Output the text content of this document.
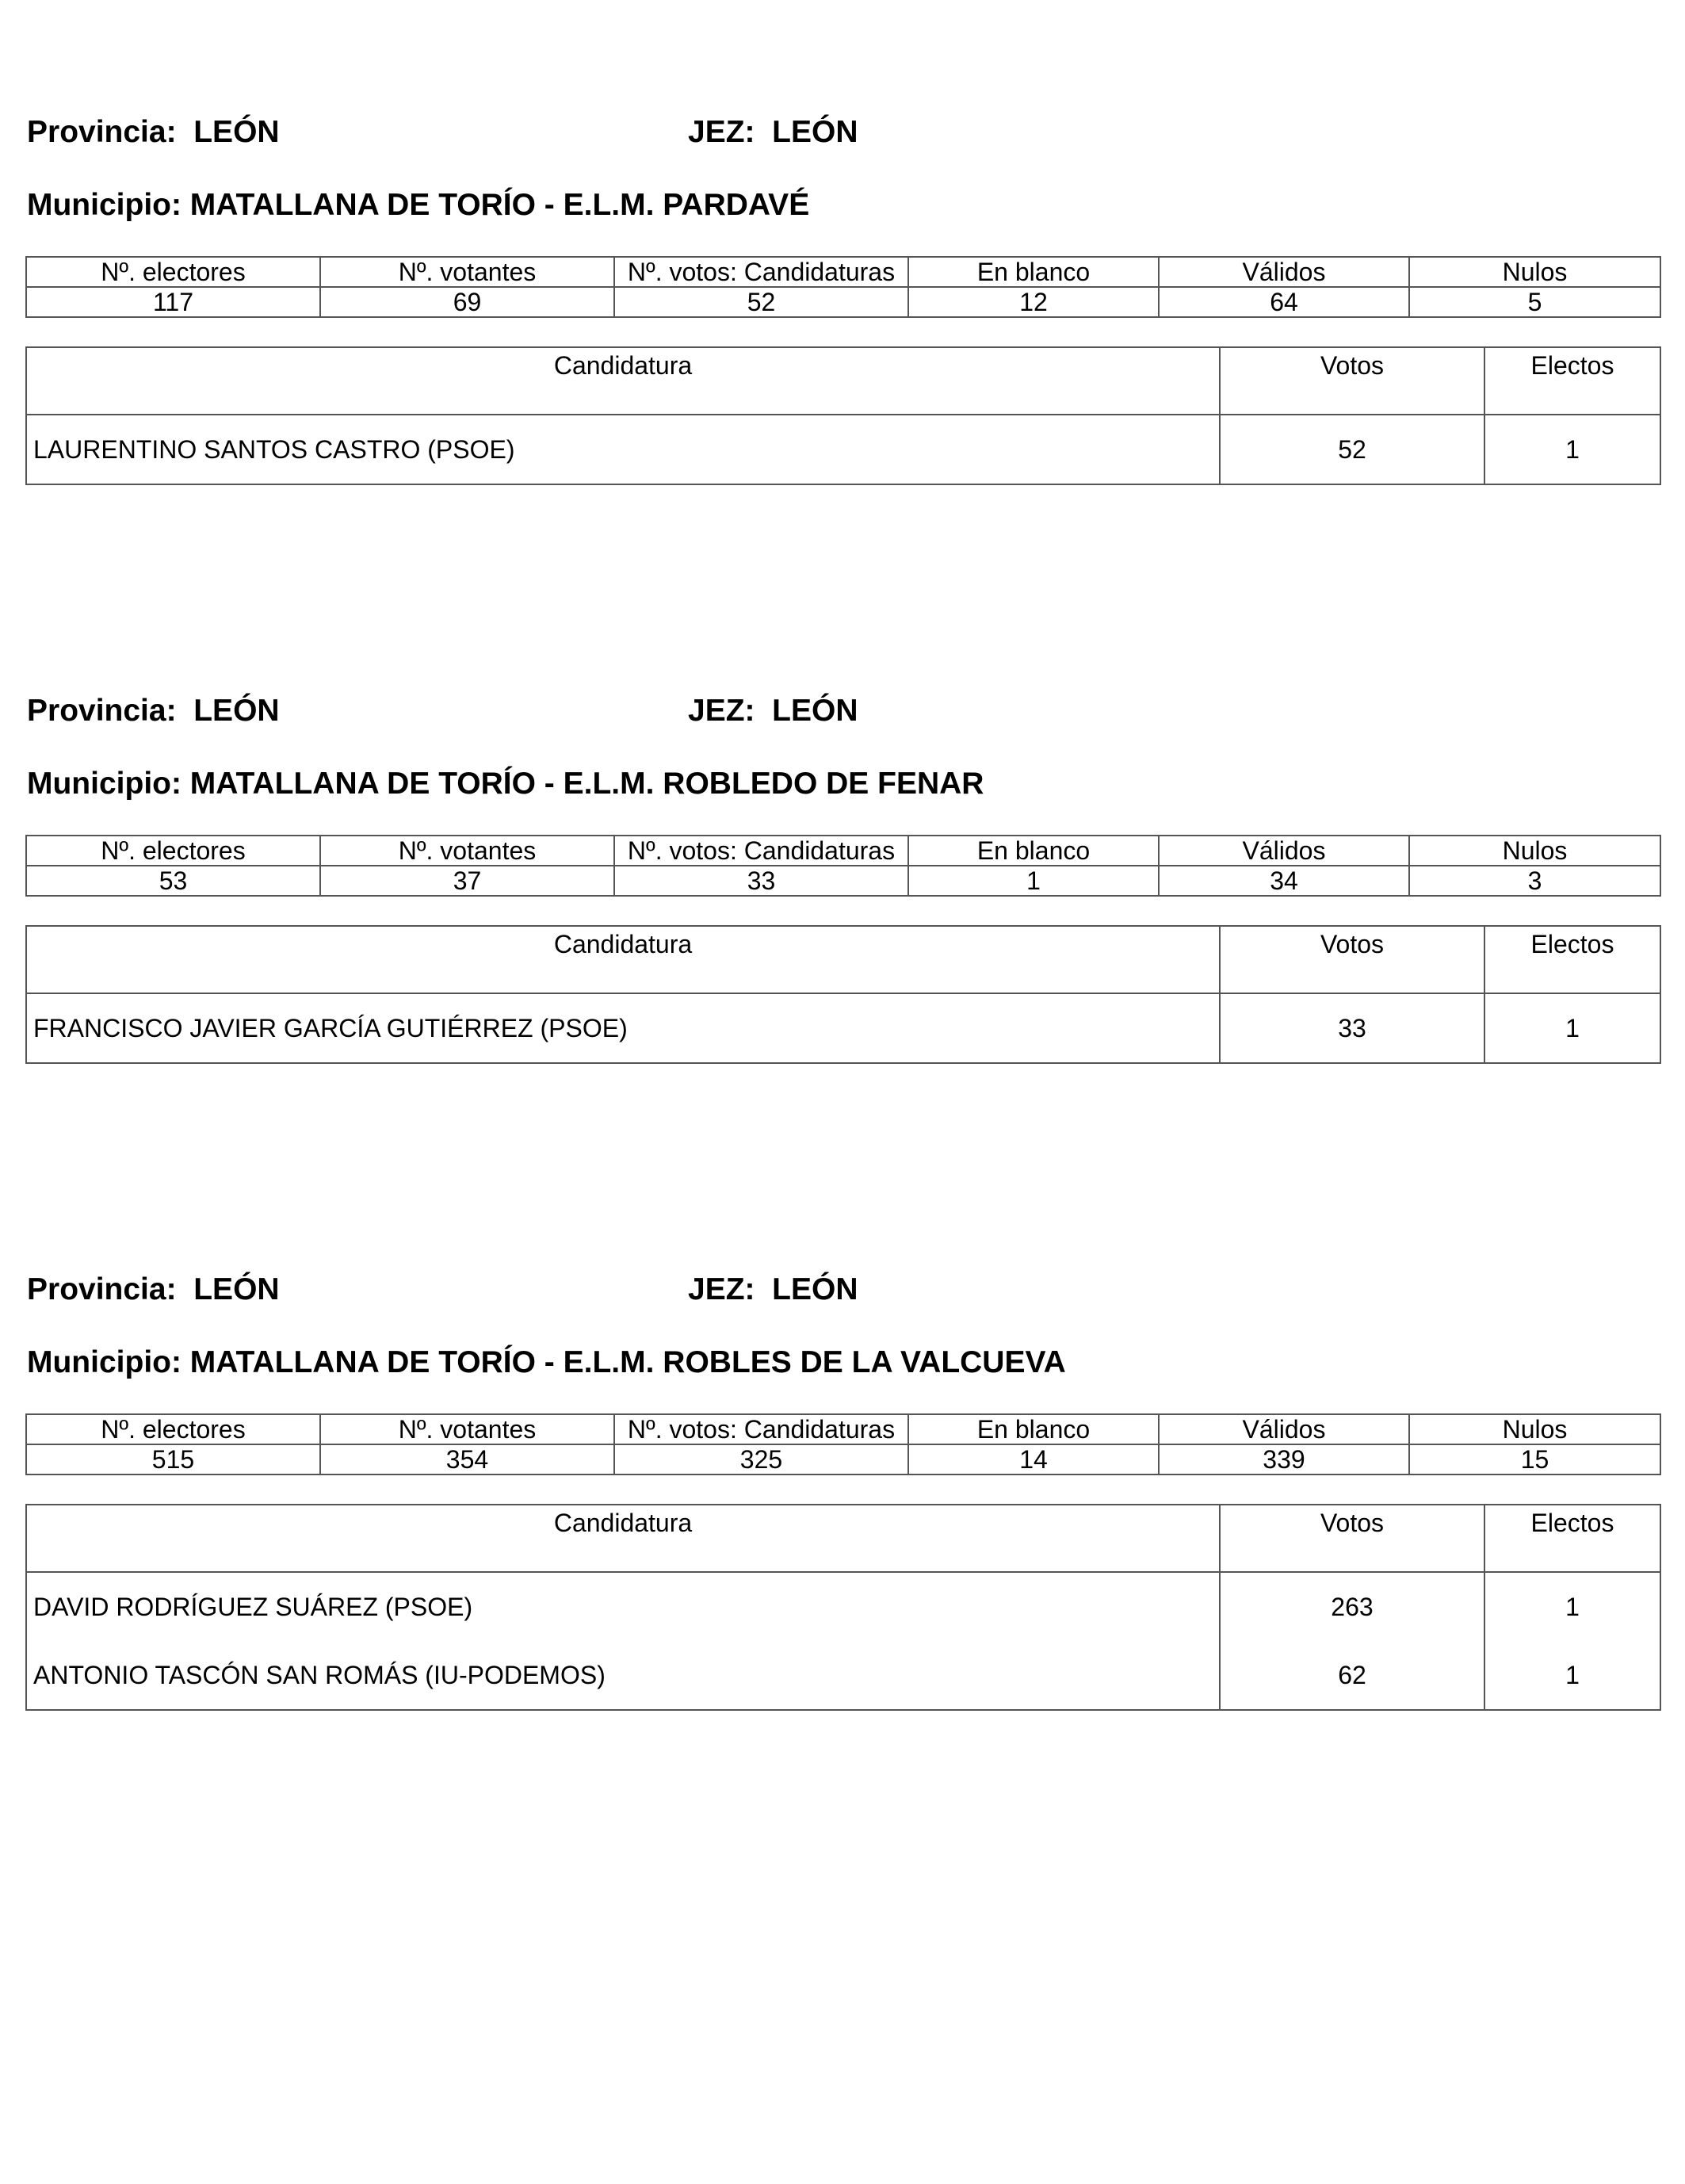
Provincia:  LEÓN	JEZ:  LEÓN
Municipio: MATALLANA DE TORÍO - E.L.M. PARDAVÉ
Nº. electores	Nº. votantes	Nº. votos: Candidaturas	En blanco	Válidos	Nulos
117	69	52	12	64	5
Candidatura	Votos	Electos
LAURENTINO SANTOS CASTRO (PSOE)	52	1
Provincia:  LEÓN	JEZ:  LEÓN
Municipio: MATALLANA DE TORÍO - E.L.M. ROBLEDO DE FENAR
Nº. electores	Nº. votantes	Nº. votos: Candidaturas	En blanco	Válidos	Nulos
53	37	33	1	34	3
Candidatura	Votos	Electos
FRANCISCO JAVIER GARCÍA GUTIÉRREZ (PSOE)	33	1
Provincia:  LEÓN	JEZ:  LEÓN
Municipio: MATALLANA DE TORÍO - E.L.M. ROBLES DE LA VALCUEVA
Nº. electores	Nº. votantes	Nº. votos: Candidaturas	En blanco	Válidos	Nulos
515	354	325	14	339	15
Candidatura	Votos	Electos
DAVID RODRÍGUEZ SUÁREZ (PSOE)	263	1
ANTONIO TASCÓN SAN ROMÁS (IU-PODEMOS)	62	1
